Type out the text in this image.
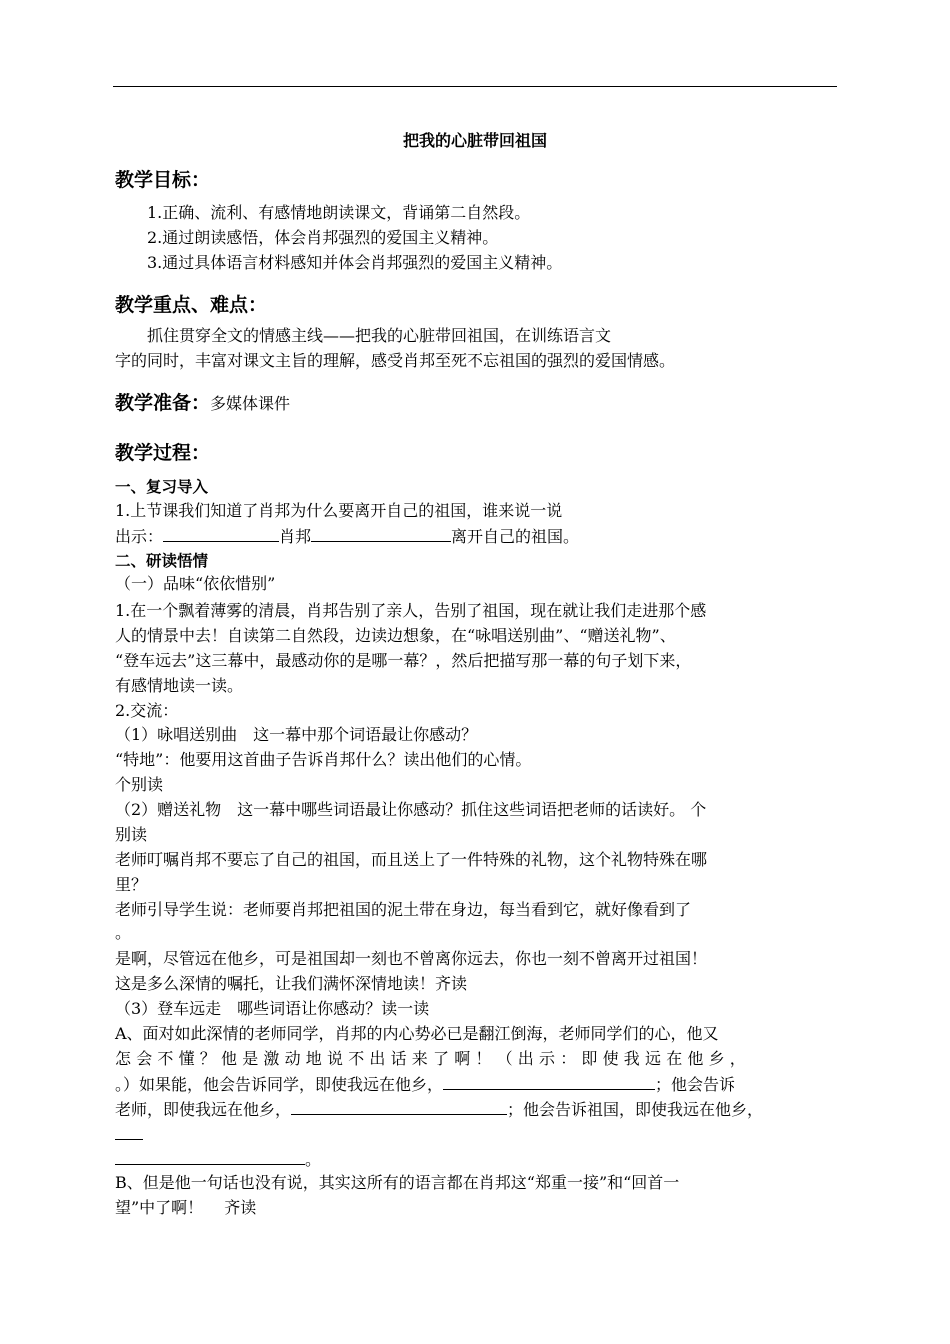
把我的心脏带回祖国
教学目标：
1.正确、流利、有感情地朗读课文，背诵第二自然段。
2.通过朗读感悟，体会肖邦强烈的爱国主义精神。
3.通过具体语言材料感知并体会肖邦强烈的爱国主义精神。
教学重点、难点：
抓住贯穿全文的情感主线——把我的心脏带回祖国，在训练语言文
字的同时，丰富对课文主旨的理解，感受肖邦至死不忘祖国的强烈的爱国情感。
教学准备：多媒体课件
教学过程：
一、复习导入
1.上节课我们知道了肖邦为什么要离开自己的祖国，谁来说一说
出示：	肖邦	离开自己的祖国。
二、研读悟情
（一）品味“依依惜别”
1.在一个飘着薄雾的清晨，肖邦告别了亲人，告别了祖国，现在就让我们走进那个感
人的情景中去！自读第二自然段，边读边想象，在“咏唱送别曲”、“赠送礼物”、
“登车远去”这三幕中，最感动你的是哪一幕？，然后把描写那一幕的句子划下来，
有感情地读一读。
2.交流：
（1）咏唱送别曲　这一幕中那个词语最让你感动？
“特地”：他要用这首曲子告诉肖邦什么？读出他们的心情。
个别读
（2）赠送礼物　这一幕中哪些词语最让你感动？抓住这些词语把老师的话读好。 个
别读
老师叮嘱肖邦不要忘了自己的祖国，而且送上了一件特殊的礼物，这个礼物特殊在哪
里？
老师引导学生说：老师要肖邦把祖国的泥土带在身边，每当看到它，就好像看到了
。
是啊，尽管远在他乡，可是祖国却一刻也不曾离你远去，你也一刻不曾离开过祖国！
这是多么深情的嘱托，让我们满怀深情地读！齐读
（3）登车远走　哪些词语让你感动？读一读
A、面对如此深情的老师同学，肖邦的内心势必已是翻江倒海，老师同学们的心，他又
怎会不懂？他是激动地说不出话来了啊！（出示：即使我远在他乡，
。）如果能，他会告诉同学，即使我远在他乡，	；他会告诉
老师，即使我远在他乡，	；他会告诉祖国，即使我远在他乡，
。
B、但是他一句话也没有说，其实这所有的语言都在肖邦这“郑重一接”和“回首一
望”中了啊！　 齐读
